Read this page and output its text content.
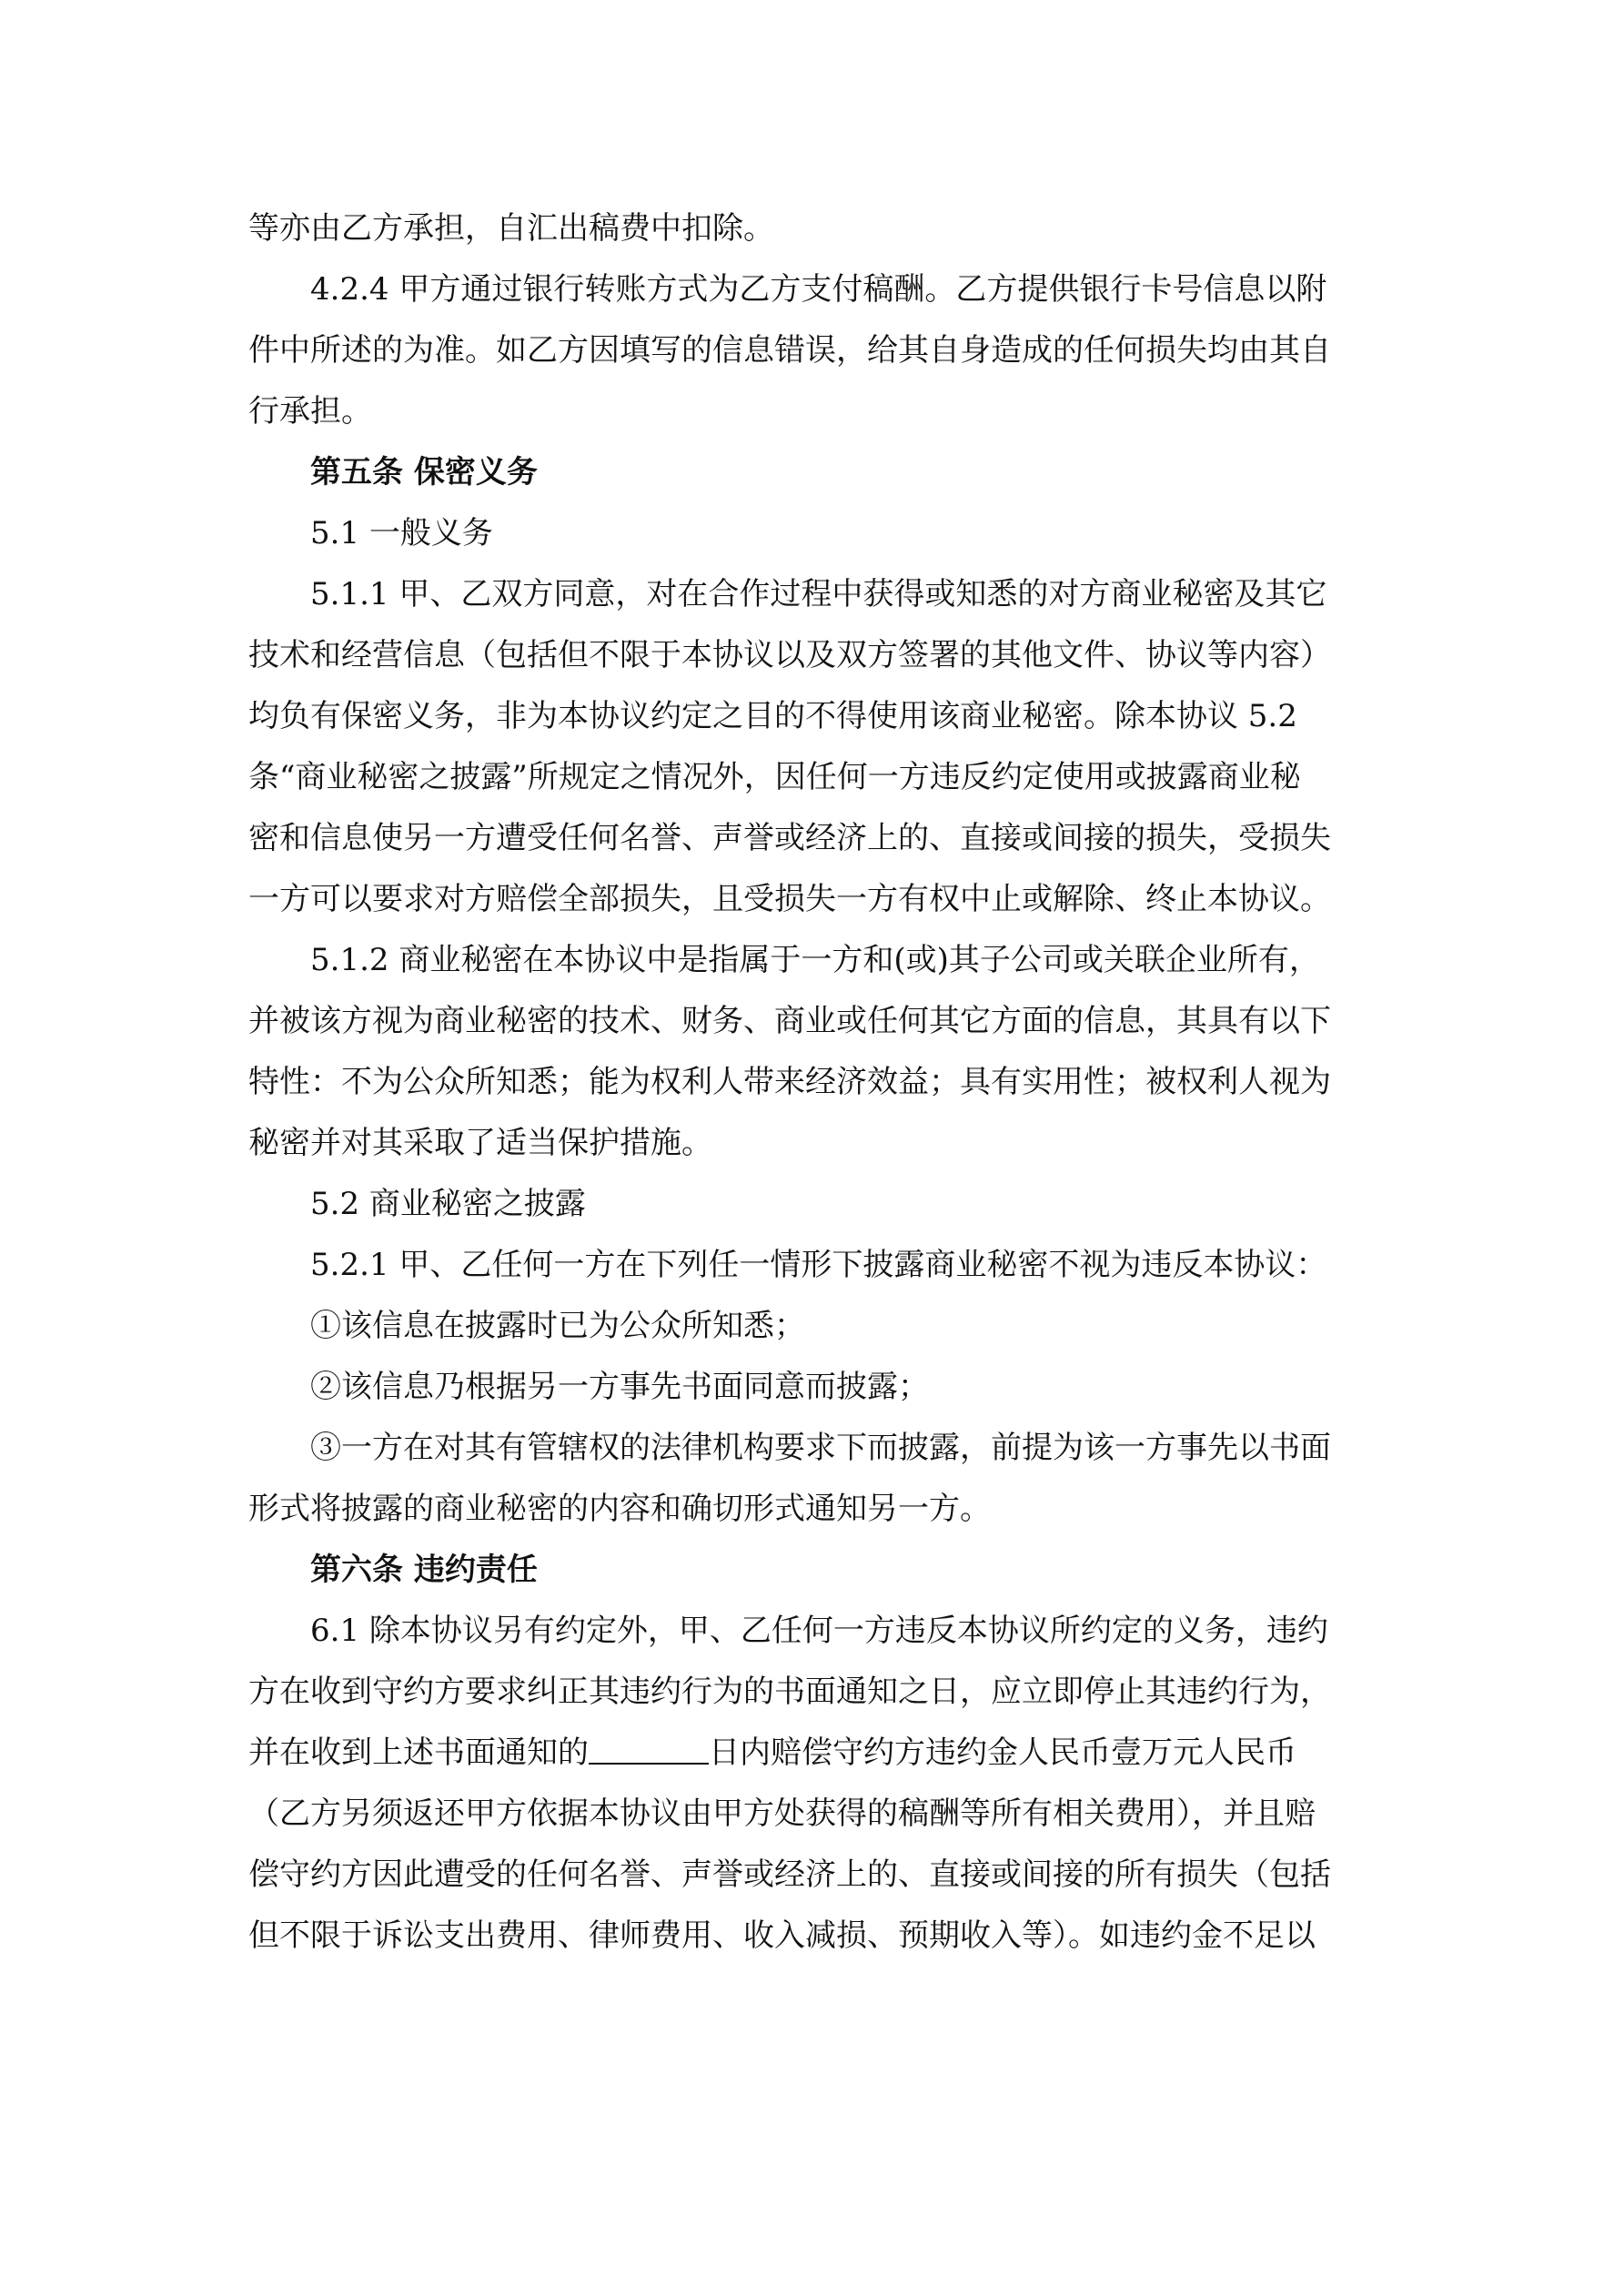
等亦由乙方承担，自汇出稿费中扣除。
4.2.4 甲方通过银行转账方式为乙方支付稿酬。乙方提供银行卡号信息以附
件中所述的为准。如乙方因填写的信息错误，给其自身造成的任何损失均由其自
行承担。
第五条 保密义务
5.1 一般义务
5.1.1 甲、乙双方同意，对在合作过程中获得或知悉的对方商业秘密及其它
技术和经营信息（包括但不限于本协议以及双方签署的其他文件、协议等内容）
均负有保密义务，非为本协议约定之目的不得使用该商业秘密。除本协议 5.2
条“商业秘密之披露”所规定之情况外，因任何一方违反约定使用或披露商业秘
密和信息使另一方遭受任何名誉、声誉或经济上的、直接或间接的损失，受损失
一方可以要求对方赔偿全部损失，且受损失一方有权中止或解除、终止本协议。
5.1.2 商业秘密在本协议中是指属于一方和(或)其子公司或关联企业所有，
并被该方视为商业秘密的技术、财务、商业或任何其它方面的信息，其具有以下
特性：不为公众所知悉；能为权利人带来经济效益；具有实用性；被权利人视为
秘密并对其采取了适当保护措施。
5.2 商业秘密之披露
5.2.1 甲、乙任何一方在下列任一情形下披露商业秘密不视为违反本协议：
①该信息在披露时已为公众所知悉；
②该信息乃根据另一方事先书面同意而披露；
③一方在对其有管辖权的法律机构要求下而披露，前提为该一方事先以书面
形式将披露的商业秘密的内容和确切形式通知另一方。
第六条 违约责任
6.1 除本协议另有约定外，甲、乙任何一方违反本协议所约定的义务，违约
方在收到守约方要求纠正其违约行为的书面通知之日，应立即停止其违约行为，
并在收到上述书面通知的	日内赔偿守约方违约金人民币壹万元人民币
（乙方另须返还甲方依据本协议由甲方处获得的稿酬等所有相关费用），并且赔
偿守约方因此遭受的任何名誉、声誉或经济上的、直接或间接的所有损失（包括
但不限于诉讼支出费用、律师费用、收入减损、预期收入等）。如违约金不足以
